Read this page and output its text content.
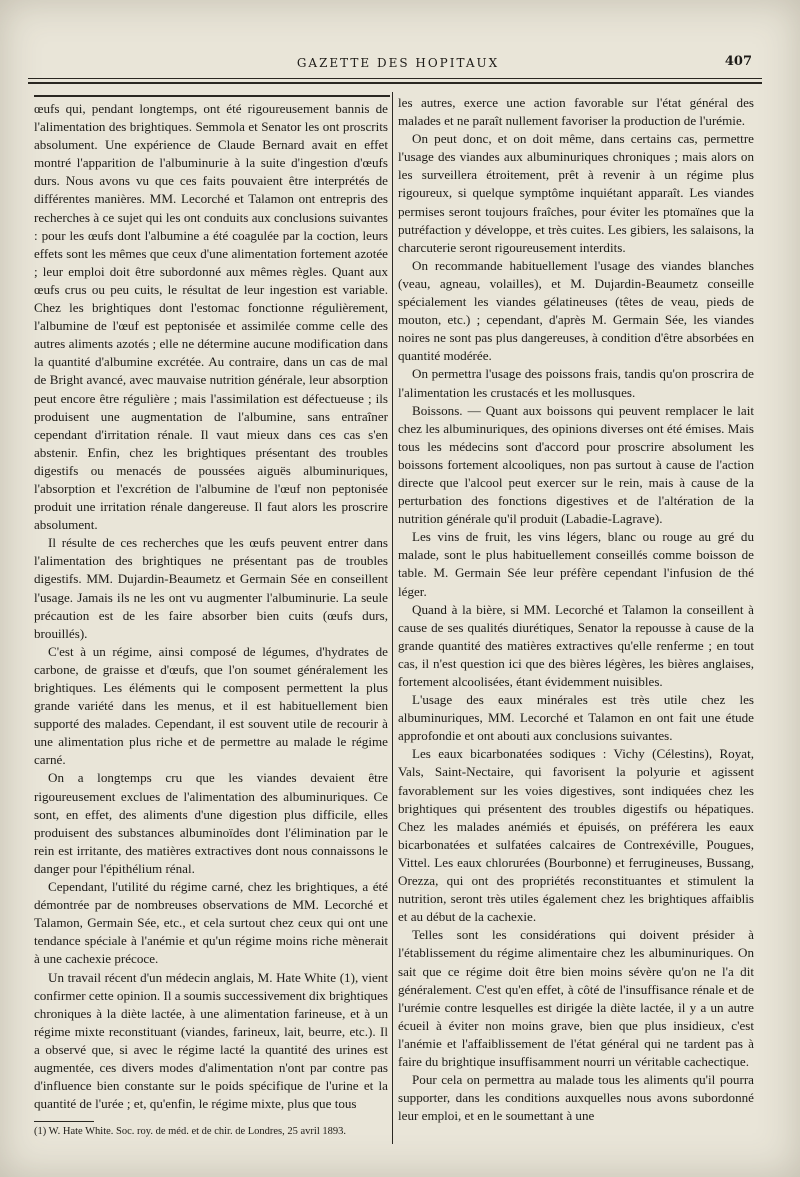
GAZETTE DES HOPITAUX	407

œufs qui, pendant longtemps, ont été rigoureusement bannis de l'alimentation des brightiques. Semmola et Senator les ont proscrits absolument. Une expérience de Claude Bernard avait en effet montré l'apparition de l'albuminurie à la suite d'ingestion d'œufs durs. Nous avons vu que ces faits pouvaient être interprétés de différentes manières. MM. Lecorché et Talamon ont entrepris des recherches à ce sujet qui les ont conduits aux conclusions suivantes : pour les œufs dont l'albumine a été coagulée par la coction, leurs effets sont les mêmes que ceux d'une alimentation fortement azotée ; leur emploi doit être subordonné aux mêmes règles. Quant aux œufs crus ou peu cuits, le résultat de leur ingestion est variable. Chez les brightiques dont l'estomac fonctionne régulièrement, l'albumine de l'œuf est peptonisée et assimilée comme celle des autres aliments azotés ; elle ne détermine aucune modification dans la quantité d'albumine excrétée. Au contraire, dans un cas de mal de Bright avancé, avec mauvaise nutrition générale, leur absorption peut encore être régulière ; mais l'assimilation est défectueuse ; ils produisent une augmentation de l'albumine, sans entraîner cependant d'irritation rénale. Il vaut mieux dans ces cas s'en abstenir. Enfin, chez les brightiques présentant des troubles digestifs ou menacés de poussées aiguës albuminuriques, l'absorption et l'excrétion de l'albumine de l'œuf non peptonisée produit une irritation rénale dangereuse. Il faut alors les proscrire absolument.

Il résulte de ces recherches que les œufs peuvent entrer dans l'alimentation des brightiques ne présentant pas de troubles digestifs. MM. Dujardin-Beaumetz et Germain Sée en conseillent l'usage. Jamais ils ne les ont vu augmenter l'albuminurie. La seule précaution est de les faire absorber bien cuits (œufs durs, brouillés).

C'est à un régime, ainsi composé de légumes, d'hydrates de carbone, de graisse et d'œufs, que l'on soumet généralement les brightiques. Les éléments qui le composent permettent la plus grande variété dans les menus, et il est habituellement bien supporté des malades. Cependant, il est souvent utile de recourir à une alimentation plus riche et de permettre au malade le régime carné.

On a longtemps cru que les viandes devaient être rigoureusement exclues de l'alimentation des albuminuriques. Ce sont, en effet, des aliments d'une digestion plus difficile, elles produisent des substances albuminoïdes dont l'élimination par le rein est irritante, des matières extractives dont nous connaissons le danger pour l'épithélium rénal.

Cependant, l'utilité du régime carné, chez les brightiques, a été démontrée par de nombreuses observations de MM. Lecorché et Talamon, Germain Sée, etc., et cela surtout chez ceux qui ont une tendance spéciale à l'anémie et qu'un régime moins riche mènerait à une cachexie précoce.

Un travail récent d'un médecin anglais, M. Hate White (1), vient confirmer cette opinion. Il a soumis successivement dix brightiques chroniques à la diète lactée, à une alimentation farineuse, et à un régime mixte reconstituant (viandes, farineux, lait, beurre, etc.). Il a observé que, si avec le régime lacté la quantité des urines est augmentée, ces divers modes d'alimentation n'ont par contre pas d'influence bien constante sur le poids spécifique de l'urine et la quantité de l'urée ; et, qu'enfin, le régime mixte, plus que tous

les autres, exerce une action favorable sur l'état général des malades et ne paraît nullement favoriser la production de l'urémie.

On peut donc, et on doit même, dans certains cas, permettre l'usage des viandes aux albuminuriques chroniques ; mais alors on les surveillera étroitement, prêt à revenir à un régime plus rigoureux, si quelque symptôme inquiétant apparaît. Les viandes permises seront toujours fraîches, pour éviter les ptomaïnes que la putréfaction y développe, et très cuites. Les gibiers, les salaisons, la charcuterie seront rigoureusement interdits.

On recommande habituellement l'usage des viandes blanches (veau, agneau, volailles), et M. Dujardin-Beaumetz conseille spécialement les viandes gélatineuses (têtes de veau, pieds de mouton, etc.) ; cependant, d'après M. Germain Sée, les viandes noires ne sont pas plus dangereuses, à condition d'être absorbées en quantité modérée.

On permettra l'usage des poissons frais, tandis qu'on proscrira de l'alimentation les crustacés et les mollusques.

Boissons. — Quant aux boissons qui peuvent remplacer le lait chez les albuminuriques, des opinions diverses ont été émises. Mais tous les médecins sont d'accord pour proscrire absolument les boissons fortement alcooliques, non pas surtout à cause de l'action directe que l'alcool peut exercer sur le rein, mais à cause de la perturbation des fonctions digestives et de l'altération de la nutrition générale qu'il produit (Labadie-Lagrave).

Les vins de fruit, les vins légers, blanc ou rouge au gré du malade, sont le plus habituellement conseillés comme boisson de table. M. Germain Sée leur préfère cependant l'infusion de thé léger.

Quand à la bière, si MM. Lecorché et Talamon la conseillent à cause de ses qualités diurétiques, Senator la repousse à cause de la grande quantité des matières extractives qu'elle renferme ; en tout cas, il n'est question ici que des bières légères, les bières anglaises, fortement alcoolisées, étant évidemment nuisibles.

L'usage des eaux minérales est très utile chez les albuminuriques, MM. Lecorché et Talamon en ont fait une étude approfondie et ont abouti aux conclusions suivantes.

Les eaux bicarbonatées sodiques : Vichy (Célestins), Royat, Vals, Saint-Nectaire, qui favorisent la polyurie et agissent favorablement sur les voies digestives, sont indiquées chez les brightiques qui présentent des troubles digestifs ou hépatiques. Chez les malades anémiés et épuisés, on préférera les eaux bicarbonatées et sulfatées calcaires de Contrexéville, Pougues, Vittel. Les eaux chlorurées (Bourbonne) et ferrugineuses, Bussang, Orezza, qui ont des propriétés reconstituantes et stimulent la nutrition, seront très utiles également chez les brightiques affaiblis et au début de la cachexie.

Telles sont les considérations qui doivent présider à l'établissement du régime alimentaire chez les albuminuriques. On sait que ce régime doit être bien moins sévère qu'on ne l'a dit généralement. C'est qu'en effet, à côté de l'insuffisance rénale et de l'urémie contre lesquelles est dirigée la diète lactée, il y a un autre écueil à éviter non moins grave, bien que plus insidieux, c'est l'anémie et l'affaiblissement de l'état général qui ne tardent pas à faire du brightique insuffisamment nourri un véritable cachectique.

Pour cela on permettra au malade tous les aliments qu'il pourra supporter, dans les conditions auxquelles nous avons subordonné leur emploi, et en le soumettant à une

(1) W. Hate White. Soc. roy. de méd. et de chir. de Londres, 25 avril 1893.
